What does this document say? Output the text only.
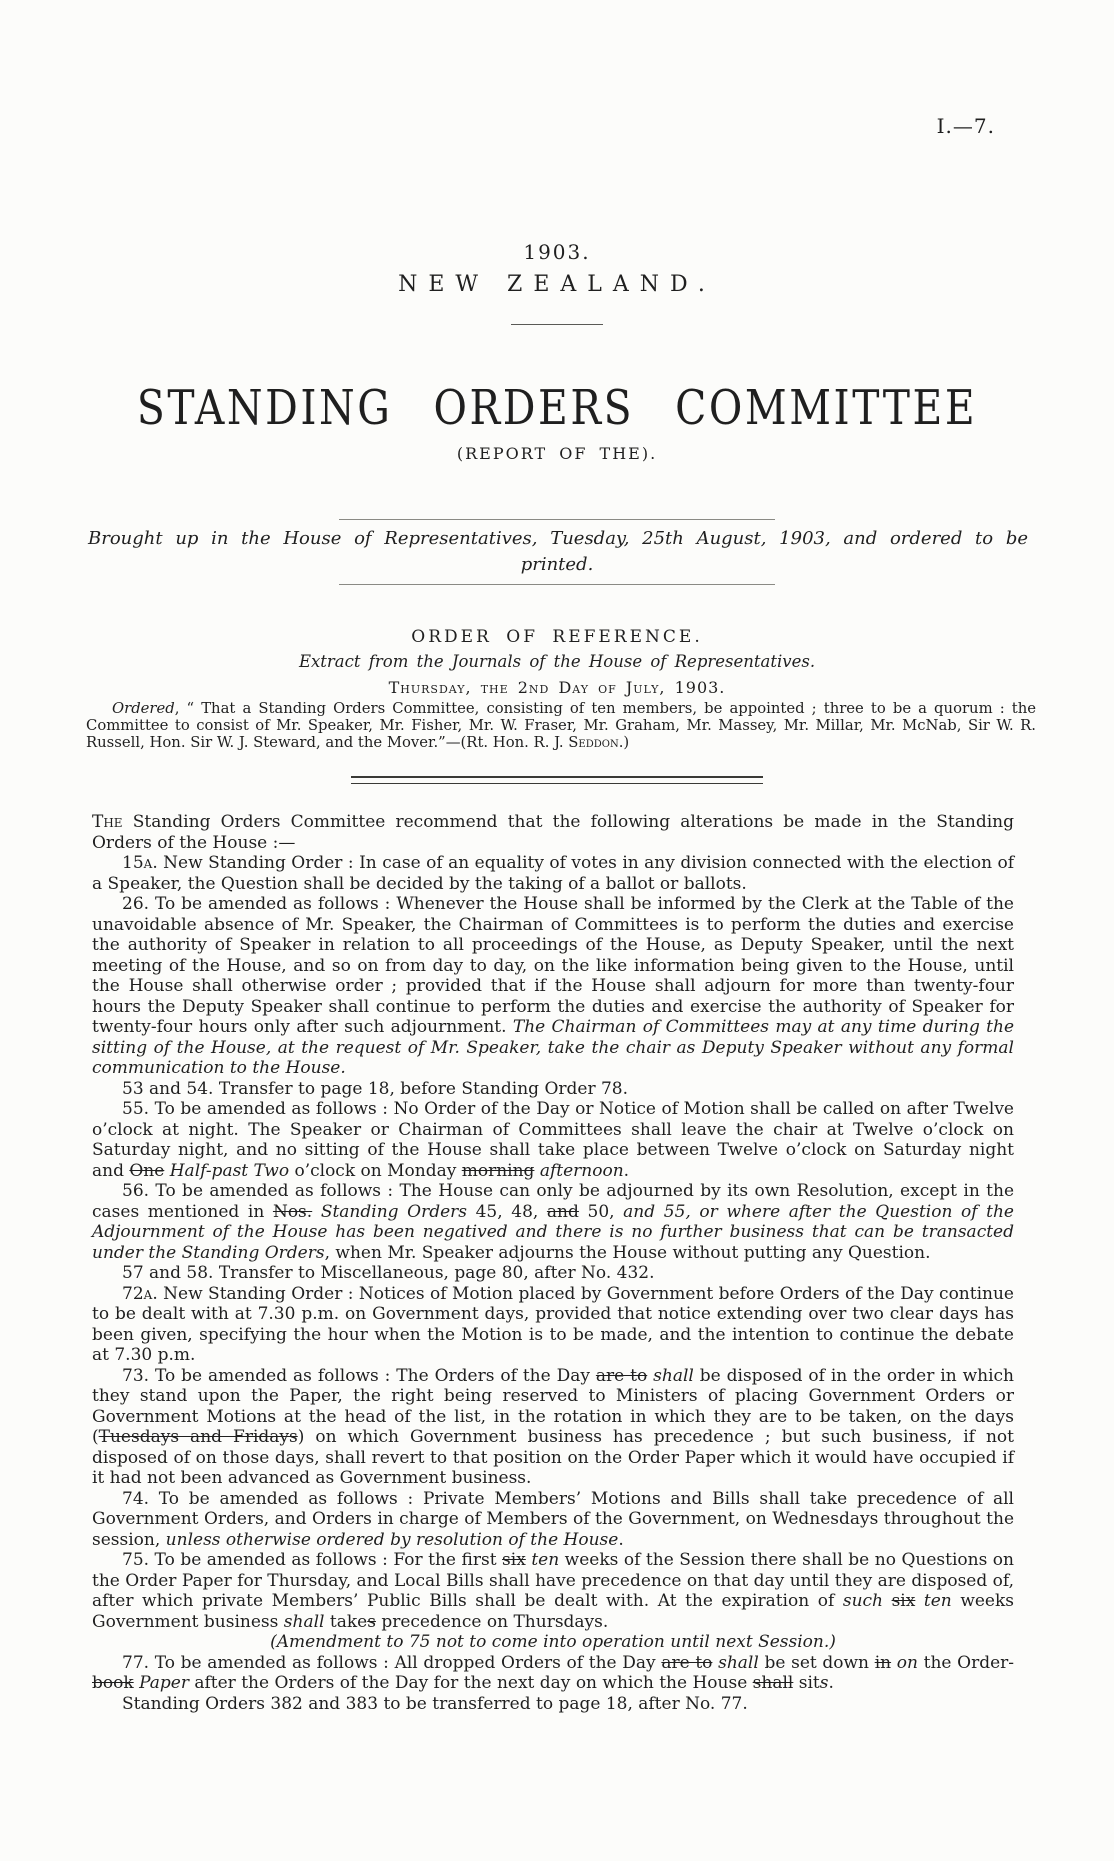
I.—7.
1903.
NEW ZEALAND.
STANDING ORDERS COMMITTEE
(REPORT OF THE).
Brought up in the House of Representatives, Tuesday, 25th August, 1903, and ordered to be
printed.
ORDER OF REFERENCE.
Extract from the Journals of the House of Representatives.
Thursday, the 2nd Day of July, 1903.

Ordered, “ That a Standing Orders Committee, consisting of ten members, be appointed ; three to be a quorum : the Committee to consist of Mr. Speaker, Mr. Fisher, Mr. W. Fraser, Mr. Graham, Mr. Massey, Mr. Millar, Mr. McNab, Sir W. R. Russell, Hon. Sir W. J. Steward, and the Mover.”—(Rt. Hon. R. J. Seddon.)

The Standing Orders Committee recommend that the following alterations be made in the Standing Orders of the House :—

15a. New Standing Order : In case of an equality of votes in any division connected with the election of a Speaker, the Question shall be decided by the taking of a ballot or ballots.

26. To be amended as follows : Whenever the House shall be informed by the Clerk at the Table of the unavoidable absence of Mr. Speaker, the Chairman of Committees is to perform the duties and exercise the authority of Speaker in relation to all proceedings of the House, as Deputy Speaker, until the next meeting of the House, and so on from day to day, on the like information being given to the House, until the House shall otherwise order ; provided that if the House shall adjourn for more than twenty-four hours the Deputy Speaker shall continue to perform the duties and exercise the authority of Speaker for twenty-four hours only after such adjournment. The Chairman of Committees may at any time during the sitting of the House, at the request of Mr. Speaker, take the chair as Deputy Speaker without any formal communication to the House.

53 and 54. Transfer to page 18, before Standing Order 78.

55. To be amended as follows : No Order of the Day or Notice of Motion shall be called on after Twelve o’clock at night. The Speaker or Chairman of Committees shall leave the chair at Twelve o’clock on Saturday night, and no sitting of the House shall take place between Twelve o’clock on Saturday night and One Half-past Two o’clock on Monday morning afternoon.

56. To be amended as follows : The House can only be adjourned by its own Resolution, except in the cases mentioned in Nos. Standing Orders 45, 48, and 50, and 55, or where after the Question of the Adjournment of the House has been negatived and there is no further business that can be transacted under the Standing Orders, when Mr. Speaker adjourns the House without putting any Question.

57 and 58. Transfer to Miscellaneous, page 80, after No. 432.

72a. New Standing Order : Notices of Motion placed by Government before Orders of the Day continue to be dealt with at 7.30 p.m. on Government days, provided that notice extending over two clear days has been given, specifying the hour when the Motion is to be made, and the intention to continue the debate at 7.30 p.m.

73. To be amended as follows : The Orders of the Day are to shall be disposed of in the order in which they stand upon the Paper, the right being reserved to Ministers of placing Government Orders or Government Motions at the head of the list, in the rotation in which they are to be taken, on the days (Tuesdays and Fridays) on which Government business has precedence ; but such business, if not disposed of on those days, shall revert to that position on the Order Paper which it would have occupied if it had not been advanced as Government business.

74. To be amended as follows : Private Members’ Motions and Bills shall take precedence of all Government Orders, and Orders in charge of Members of the Government, on Wednesdays throughout the session, unless otherwise ordered by resolution of the House.

75. To be amended as follows : For the first six ten weeks of the Session there shall be no Questions on the Order Paper for Thursday, and Local Bills shall have precedence on that day until they are disposed of, after which private Members’ Public Bills shall be dealt with. At the expiration of such six ten weeks Government business shall takes precedence on Thursdays.

(Amendment to 75 not to come into operation until next Session.)

77. To be amended as follows : All dropped Orders of the Day are to shall be set down in on the Order-book Paper after the Orders of the Day for the next day on which the House shall sits.

Standing Orders 382 and 383 to be transferred to page 18, after No. 77.
